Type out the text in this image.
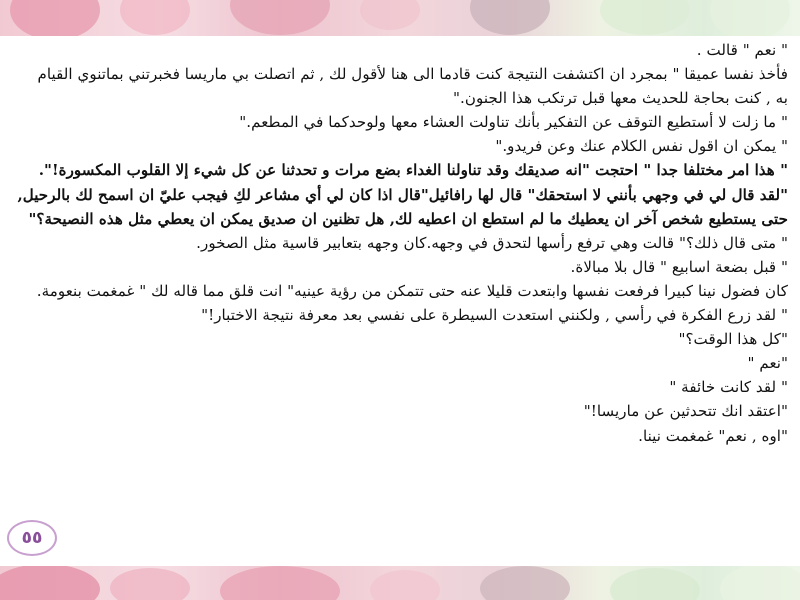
" نعم " قالت .
فأخذ نفسا عميقا " بمجرد ان اكتشفت النتيجة كنت قادما الى هنا لأقول لك , ثم اتصلت بي ماريسا فخبرتني بماتنوي القيام
به , كنت بحاجة للحديث معها قبل ترتكب هذا الجنون."
" ما زلت لا أستطيع التوقف عن التفكير بأنك تناولت العشاء معها ولوحدكما في المطعم."
" يمكن ان اقول نفس الكلام عنك وعن فريدو."
" هذا امر مختلفا جدا " احتجت "انه صديقك وقد تناولنا الغداء بضع مرات و تحدثنا عن كل شيء إلا القلوب المكسورة!".
"لقد قال لي في وجهي بأنني لا استحقك" قال لها رافائيل"قال اذا كان لي أي مشاعر لكِ فيجب عليّ ان اسمح لك بالرحيل,
حتى يستطيع شخص آخر ان يعطيك ما لم استطع ان اعطيه لك, هل تظنين ان صديق يمكن ان يعطي مثل هذه النصيحة؟"
" متى قال ذلك؟" قالت وهي ترفع رأسها لتحدق في وجهه.كان وجهه بتعابير قاسية مثل الصخور.
" قبل بضعة اسابيع " قال بلا مبالاة.
كان فضول نينا كبيرا فرفعت نفسها وابتعدت قليلا عنه حتى تتمكن من رؤية عينيه" انت قلق مما قاله لك " غمغمت بنعومة.
" لقد زرع الفكرة في رأسي , ولكنني استعدت السيطرة على نفسي بعد معرفة نتيجة الاختبار!"
"كل هذا الوقت؟"
"نعم "
" لقد كانت خائفة "
"اعتقد انك تتحدثين عن ماريسا!"
"اوه , نعم" غمغمت نينا.
٥٥
